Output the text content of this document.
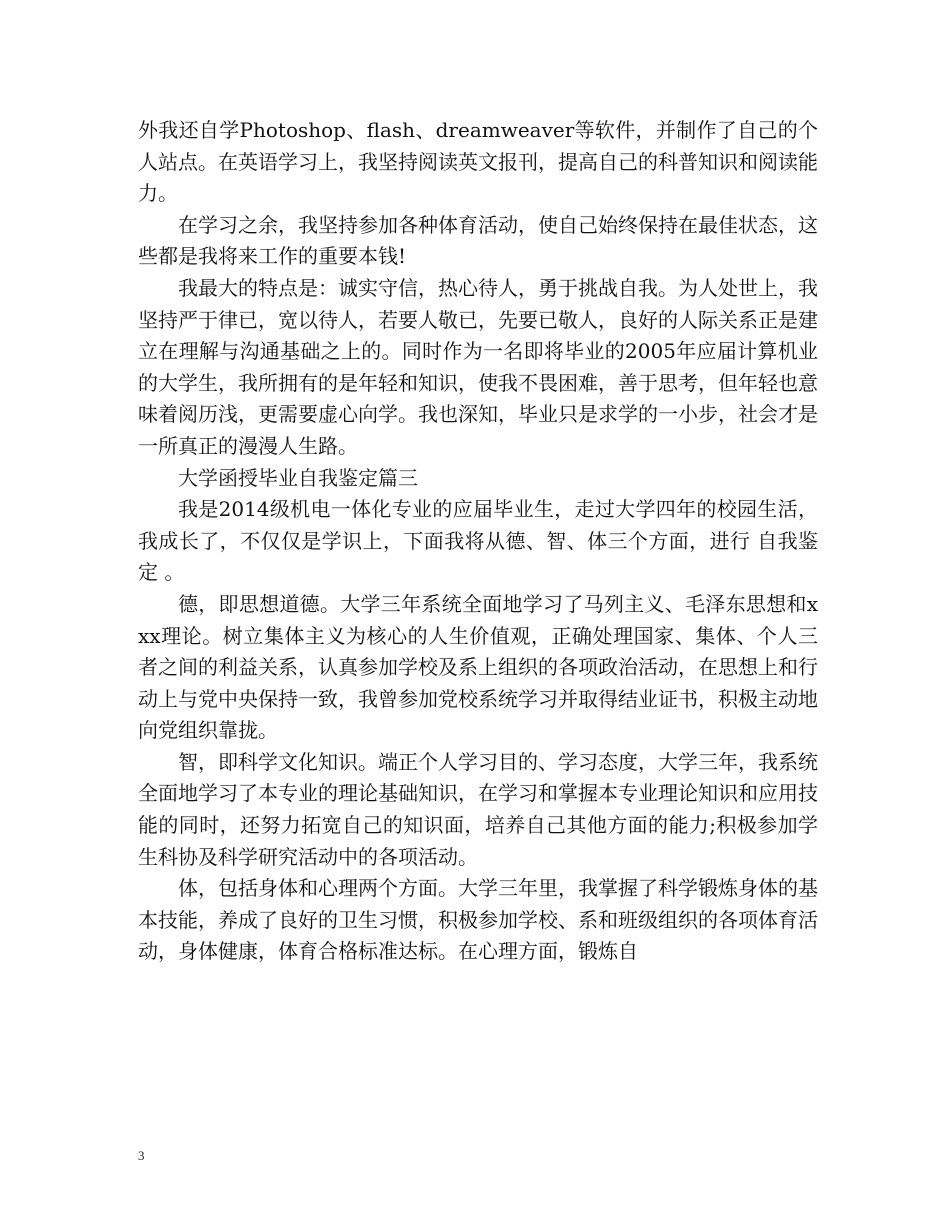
外我还自学Photoshop、flash、dreamweaver等软件，并制作了自己的个人站点。在英语学习上，我坚持阅读英文报刊，提高自己的科普知识和阅读能力。

在学习之余，我坚持参加各种体育活动，使自己始终保持在最佳状态，这些都是我将来工作的重要本钱!

我最大的特点是：诚实守信，热心待人，勇于挑战自我。为人处世上，我坚持严于律已，宽以待人，若要人敬已，先要已敬人，良好的人际关系正是建立在理解与沟通基础之上的。同时作为一名即将毕业的2005年应届计算机业的大学生，我所拥有的是年轻和知识，使我不畏困难，善于思考，但年轻也意味着阅历浅，更需要虚心向学。我也深知，毕业只是求学的一小步，社会才是一所真正的漫漫人生路。

大学函授毕业自我鉴定篇三

我是2014级机电一体化专业的应届毕业生，走过大学四年的校园生活，我成长了，不仅仅是学识上，下面我将从德、智、体三个方面，进行 自我鉴定 。

德，即思想道德。大学三年系统全面地学习了马列主义、毛泽东思想和xxx理论。树立集体主义为核心的人生价值观，正确处理国家、集体、个人三者之间的利益关系，认真参加学校及系上组织的各项政治活动，在思想上和行动上与党中央保持一致，我曾参加党校系统学习并取得结业证书，积极主动地向党组织靠拢。

智，即科学文化知识。端正个人学习目的、学习态度，大学三年，我系统全面地学习了本专业的理论基础知识，在学习和掌握本专业理论知识和应用技能的同时，还努力拓宽自己的知识面，培养自己其他方面的能力;积极参加学生科协及科学研究活动中的各项活动。

体，包括身体和心理两个方面。大学三年里，我掌握了科学锻炼身体的基本技能，养成了良好的卫生习惯，积极参加学校、系和班级组织的各项体育活动，身体健康，体育合格标准达标。在心理方面，锻炼自

3
